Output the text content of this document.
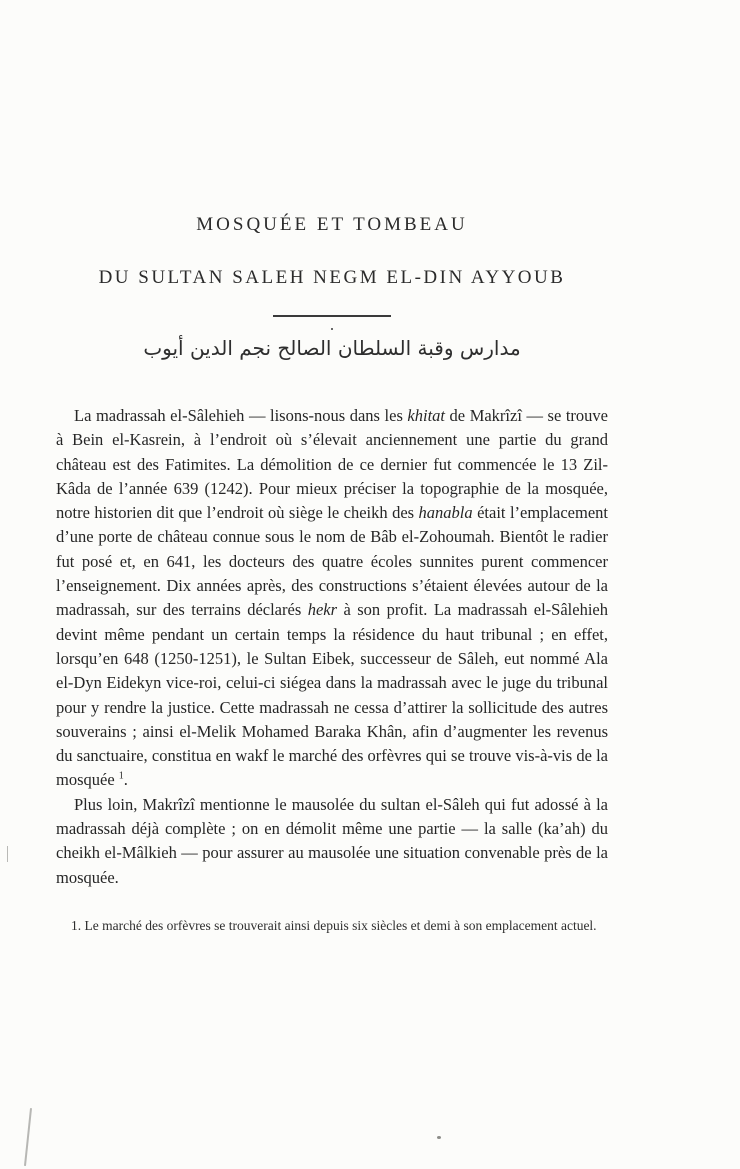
MOSQUÉE ET TOMBEAU
DU SULTAN SALEH NEGM EL-DIN AYYOUB
مدارس وقبة السلطان الصالح نجم الدين أيوب

La madrassah el-Sâlehieh — lisons-nous dans les khitat de Makrîzî — se trouve à Bein el-Kasrein, à l’endroit où s’élevait anciennement une partie du grand château est des Fatimites. La démolition de ce dernier fut commencée le 13 Zil-Kâda de l’année 639 (1242). Pour mieux préciser la topographie de la mosquée, notre historien dit que l’endroit où siège le cheikh des hanabla était l’emplacement d’une porte de château connue sous le nom de Bâb el-Zohoumah. Bientôt le radier fut posé et, en 641, les docteurs des quatre écoles sunnites purent commencer l’enseignement. Dix années après, des constructions s’étaient élevées autour de la madrassah, sur des terrains déclarés hekr à son profit. La madrassah el-Sâlehieh devint même pendant un certain temps la résidence du haut tribunal ; en effet, lorsqu’en 648 (1250-1251), le Sultan Eibek, successeur de Sâleh, eut nommé Ala el-Dyn Eidekyn vice-roi, celui-ci siégea dans la madrassah avec le juge du tribunal pour y rendre la justice. Cette madrassah ne cessa d’attirer la sollicitude des autres souverains ; ainsi el-Melik Mohamed Baraka Khân, afin d’augmenter les revenus du sanctuaire, constitua en wakf le marché des orfèvres qui se trouve vis-à-vis de la mosquée $^1$.

Plus loin, Makrîzî mentionne le mausolée du sultan el-Sâleh qui fut adossé à la madrassah déjà complète ; on en démolit même une partie — la salle (ka’ah) du cheikh el-Mâlkieh — pour assurer au mausolée une situation convenable près de la mosquée.

1. Le marché des orfèvres se trouverait ainsi depuis six siècles et demi à son emplacement actuel.
